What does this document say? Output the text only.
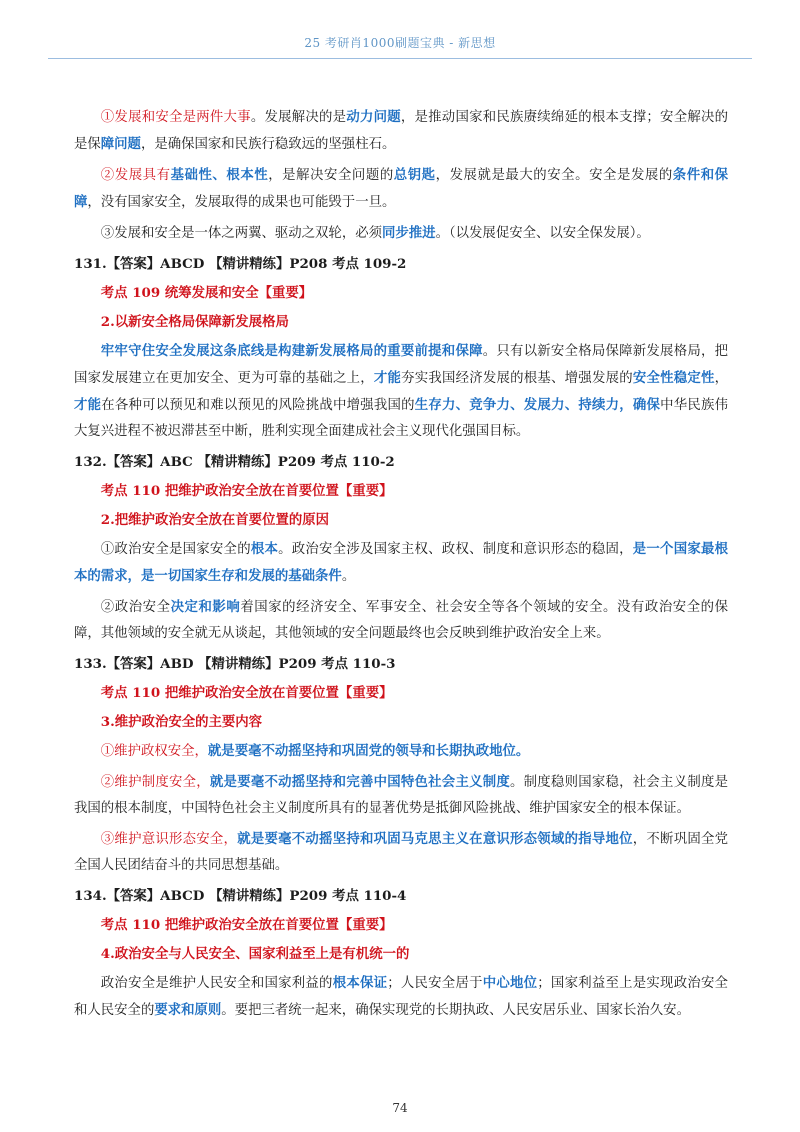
25 考研肖1000刷题宝典 - 新思想
①发展和安全是两件大事。发展解决的是动力问题，是推动国家和民族赓续绵延的根本支撑；安全解决的是保障问题，是确保国家和民族行稳致远的坚强柱石。
②发展具有基础性、根本性，是解决安全问题的总钥匙，发展就是最大的安全。安全是发展的条件和保障，没有国家安全，发展取得的成果也可能毁于一旦。
③发展和安全是一体之两翼、驱动之双轮，必须同步推进。（以发展促安全、以安全保发展）。
131.【答案】ABCD 【精讲精练】P208 考点 109-2
考点 109 统筹发展和安全【重要】
2.以新安全格局保障新发展格局
牢牢守住安全发展这条底线是构建新发展格局的重要前提和保障。只有以新安全格局保障新发展格局，把国家发展建立在更加安全、更为可靠的基础之上，才能夯实我国经济发展的根基、增强发展的安全性稳定性，才能在各种可以预见和难以预见的风险挑战中增强我国的生存力、竞争力、发展力、持续力，确保中华民族伟大复兴进程不被迟滞甚至中断，胜利实现全面建成社会主义现代化强国目标。
132.【答案】ABC 【精讲精练】P209 考点 110-2
考点 110 把维护政治安全放在首要位置【重要】
2.把维护政治安全放在首要位置的原因
①政治安全是国家安全的根本。政治安全涉及国家主权、政权、制度和意识形态的稳固，是一个国家最根本的需求，是一切国家生存和发展的基础条件。
②政治安全决定和影响着国家的经济安全、军事安全、社会安全等各个领域的安全。没有政治安全的保障，其他领域的安全就无从谈起，其他领域的安全问题最终也会反映到维护政治安全上来。
133.【答案】ABD 【精讲精练】P209 考点 110-3
考点 110 把维护政治安全放在首要位置【重要】
3.维护政治安全的主要内容
①维护政权安全，就是要毫不动摇坚持和巩固党的领导和长期执政地位。
②维护制度安全，就是要毫不动摇坚持和完善中国特色社会主义制度。制度稳则国家稳，社会主义制度是我国的根本制度，中国特色社会主义制度所具有的显著优势是抵御风险挑战、维护国家安全的根本保证。
③维护意识形态安全，就是要毫不动摇坚持和巩固马克思主义在意识形态领域的指导地位，不断巩固全党全国人民团结奋斗的共同思想基础。
134.【答案】ABCD 【精讲精练】P209 考点 110-4
考点 110 把维护政治安全放在首要位置【重要】
4.政治安全与人民安全、国家利益至上是有机统一的
政治安全是维护人民安全和国家利益的根本保证；人民安全居于中心地位；国家利益至上是实现政治安全和人民安全的要求和原则。要把三者统一起来，确保实现党的长期执政、人民安居乐业、国家长治久安。
74
